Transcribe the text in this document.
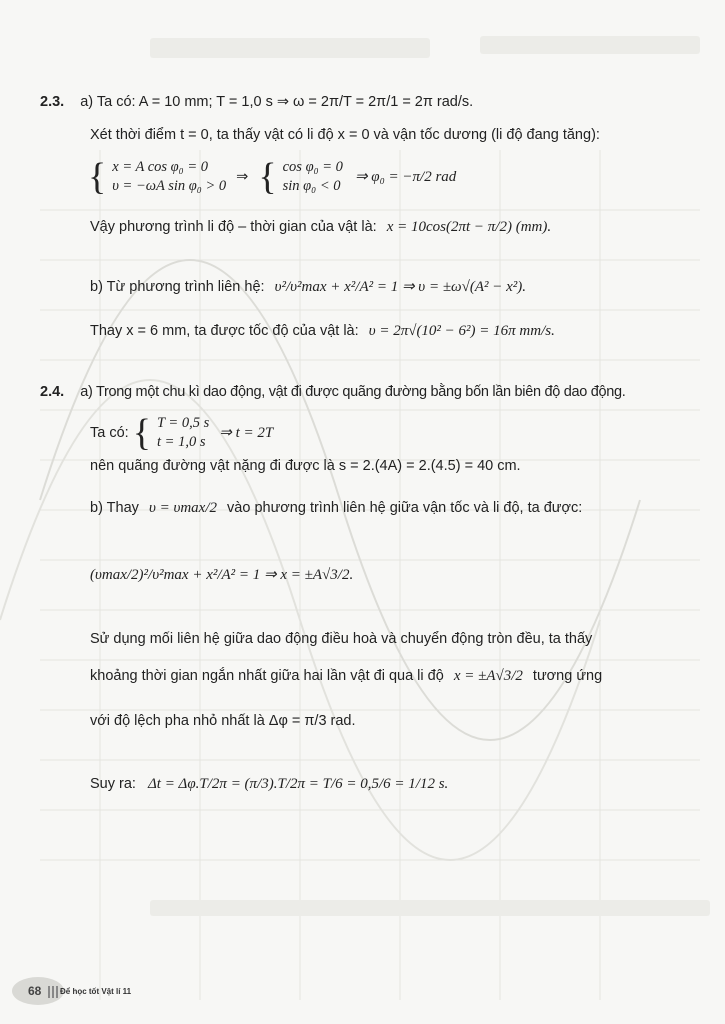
2.3. a) Ta có: A = 10 mm; T = 1,0 s ⇒ ω = 2π/T = 2π/1 = 2π rad/s.
Xét thời điểm t = 0, ta thấy vật có li độ x = 0 và vận tốc dương (li độ đang tăng):
{ x = A cos φ₀ = 0
υ = −ωA sin φ₀ > 0
⇒ { cos φ₀ = 0
sin φ₀ < 0
⇒ φ₀ = −π/2 rad
Vậy phương trình li độ – thời gian của vật là: x = 10cos(2πt − π/2) (mm).
b) Từ phương trình liên hệ: υ²/υ²max + x²/A² = 1 ⇒ υ = ±ω√(A² − x²).
Thay x = 6 mm, ta được tốc độ của vật là: υ = 2π√(10² − 6²) = 16π mm/s.
2.4. a) Trong một chu kì dao động, vật đi được quãng đường bằng bốn lần biên độ dao động.
Ta có: { T = 0,5 s
t = 1,0 s
⇒ t = 2T
nên quãng đường vật nặng đi được là s = 2.(4A) = 2.(4.5) = 40 cm.
b) Thay υ = υmax/2 vào phương trình liên hệ giữa vận tốc và li độ, ta được:
(υmax/2)²/υ²max + x²/A² = 1 ⇒ x = ±A√3/2.
Sử dụng mối liên hệ giữa dao động điều hoà và chuyển động tròn đều, ta thấy
khoảng thời gian ngắn nhất giữa hai lần vật đi qua li độ x = ±A√3/2 tương ứng
với độ lệch pha nhỏ nhất là Δφ = π/3 rad.
Suy ra: Δt = Δφ.T/2π = (π/3).T/2π = T/6 = 0,5/6 = 1/12 s.
68 Để học tốt Vật lí 11
